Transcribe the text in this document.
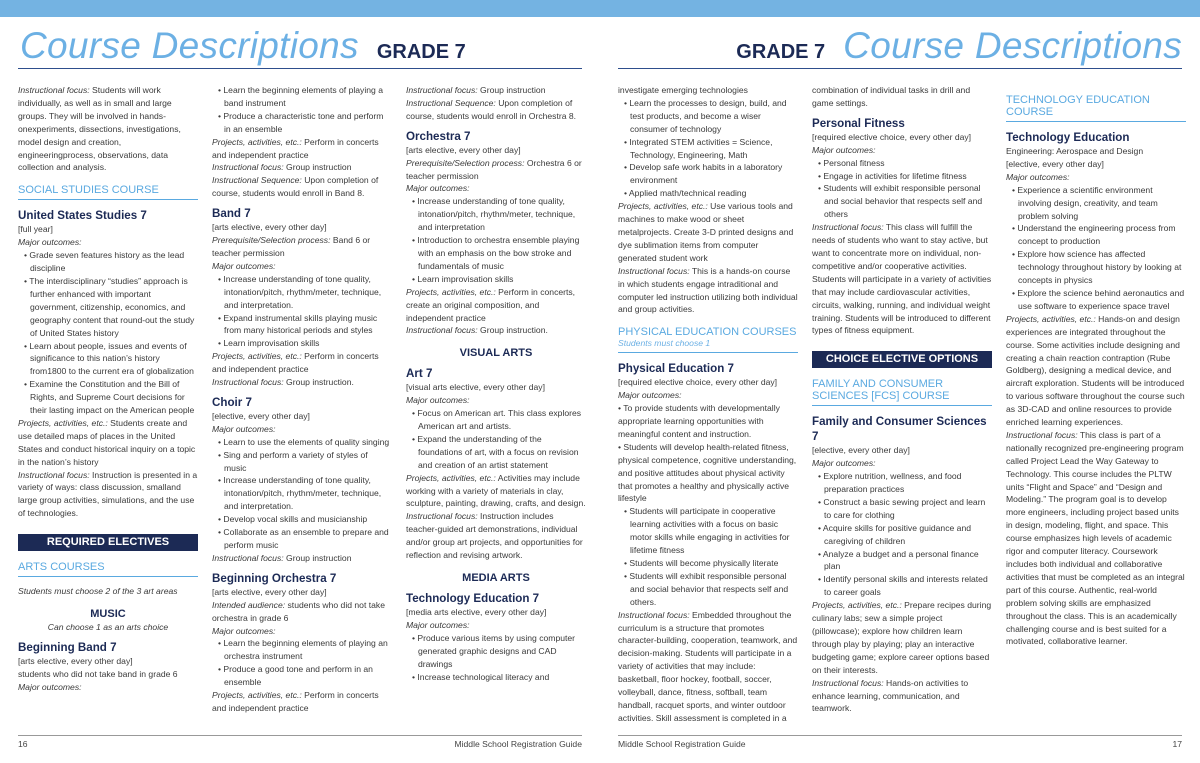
Course Descriptions GRADE 7
Instructional focus: Students will work individually, as well as in small and large groups. They will be involved in hands-onexperiments, dissections, investigations, model design and creation, engineeringprocess, observations, data collection and analysis.
SOCIAL STUDIES COURSE
United States Studies 7
[full year]
Major outcomes:
• Grade seven features history as the lead discipline
• The interdisciplinary “studies” approach is further enhanced with important government, citizenship, economics, and geography content that round-out the study of United States history
• Learn about people, issues and events of significance to this nation’s history from1800 to the current era of globalization
• Examine the Constitution and the Bill of Rights, and Supreme Court decisions for their lasting impact on the American people
Projects, activities, etc.: Students create and use detailed maps of places in the United States and conduct historical inquiry on a topic in the nation’s history
Instructional focus: Instruction is presented in a variety of ways: class discussion, smalland large group activities, simulations, and the use of technologies.
REQUIRED ELECTIVES
ARTS COURSES
Students must choose 2 of the 3 art areas
MUSIC
Can choose 1 as an arts choice
Beginning Band 7
[arts elective, every other day]
students who did not take band in grade 6
Major outcomes:
• Learn the beginning elements of playing a band instrument
• Produce a characteristic tone and perform in an ensemble
Projects, activities, etc.: Perform in concerts and independent practice
Instructional focus: Group instruction
Instructional Sequence: Upon completion of course, students would enroll in Band 8.
Band 7
[arts elective, every other day]
Prerequisite/Selection process: Band 6 or teacher permission
Major outcomes:
• Increase understanding of tone quality, intonation/pitch, rhythm/meter, technique, and interpretation.
• Expand instrumental skills playing music from many historical periods and styles
• Learn improvisation skills
Projects, activities, etc.: Perform in concerts and independent practice
Instructional focus: Group instruction.
Choir 7
[elective, every other day]
Major outcomes:
• Learn to use the elements of quality singing
• Sing and perform a variety of styles of music
• Increase understanding of tone quality, intonation/pitch, rhythm/meter, technique, and interpretation.
• Develop vocal skills and musicianship
• Collaborate as an ensemble to prepare and perform music
Instructional focus: Group instruction
Beginning Orchestra 7
[arts elective, every other day]
Intended audience: students who did not take orchestra in grade 6
Major outcomes:
• Learn the beginning elements of playing an orchestra instrument
• Produce a good tone and perform in an ensemble
Projects, activities, etc.: Perform in concerts and independent practice
Instructional focus: Group instruction
Instructional Sequence: Upon completion of course, students would enroll in Orchestra 8.
Orchestra 7
[arts elective, every other day]
Prerequisite/Selection process: Orchestra 6 or teacher permission
Major outcomes:
• Increase understanding of tone quality, intonation/pitch, rhythm/meter, technique, and interpretation
• Introduction to orchestra ensemble playing with an emphasis on the bow stroke and fundamentals of music
• Learn improvisation skills
Projects, activities, etc.: Perform in concerts, create an original composition, and independent practice
Instructional focus: Group instruction.
VISUAL ARTS
Art 7
[visual arts elective, every other day]
Major outcomes:
• Focus on American art. This class explores American art and artists.
• Expand the understanding of the foundations of art, with a focus on revision and creation of an artist statement
Projects, activities, etc.: Activities may include working with a variety of materials in clay, sculpture, painting, drawing, crafts, and design.
Instructional focus: Instruction includes teacher-guided art demonstrations, individual and/or group art projects, and opportunities for reflection and revising artwork.
MEDIA ARTS
Technology Education 7
[media arts elective, every other day]
Major outcomes:
• Produce various items by using computer generated graphic designs and CAD drawings
• Increase technological literacy and
16	Middle School Registration Guide
GRADE 7 Course Descriptions
investigate emerging technologies
• Learn the processes to design, build, and test products, and become a wiser consumer of technology
• Integrated STEM activities = Science, Technology, Engineering, Math
• Develop safe work habits in a laboratory environment
• Applied math/technical reading
Projects, activities, etc.: Use various tools and machines to make wood or sheet metalprojects. Create 3-D printed designs and dye sublimation items from computer generated student work
Instructional focus: This is a hands-on course in which students engage intraditional and computer led instruction utilizing both individual and group activities.
PHYSICAL EDUCATION COURSES
Students must choose 1
Physical Education 7
[required elective choice, every other day]
Major outcomes:
• To provide students with developmentally appropriate learning opportunities with meaningful content and instruction.
• Students will develop health-related fitness, physical competence, cognitive understanding, and positive attitudes about physical activity that promotes a healthy and physically active lifestyle
• Students will participate in cooperative learning activities with a focus on basic motor skills while engaging in activities for lifetime fitness
• Students will become physically literate
• Students will exhibit responsible personal and social behavior that respects self and others.
Instructional focus: Embedded throughout the curriculum is a structure that promotes character-building, cooperation, teamwork, and decision-making. Students will participate in a variety of activities that may include: basketball, floor hockey, football, soccer, volleyball, dance, fitness, softball, team handball, racquet sports, and winter outdoor activities. Skill assessment is completed in a
combination of individual tasks in drill and game settings.
Personal Fitness
[required elective choice, every other day]
Major outcomes:
• Personal fitness
• Engage in activities for lifetime fitness
• Students will exhibit responsible personal and social behavior that respects self and others
Instructional focus: This class will fulfill the needs of students who want to stay active, but want to concentrate more on individual, non-competitive and/or cooperative activities. Students will participate in a variety of activities that may include cardiovascular activities, circuits, walking, running, and individual weight training. Students will be introduced to different types of fitness equipment.
CHOICE ELECTIVE OPTIONS
FAMILY AND CONSUMER SCIENCES [FCS] COURSE
Family and Consumer Sciences 7
[elective, every other day]
Major outcomes:
• Explore nutrition, wellness, and food preparation practices
• Construct a basic sewing project and learn to care for clothing
• Acquire skills for positive guidance and caregiving of children
• Analyze a budget and a personal finance plan
• Identify personal skills and interests related to career goals
Projects, activities, etc.: Prepare recipes during culinary labs; sew a simple project (pillowcase); explore how children learn through play by playing; play an interactive budgeting game; explore career options based on their interests.
Instructional focus: Hands-on activities to enhance learning, communication, and teamwork.
TECHNOLOGY EDUCATION COURSE
Technology Education
Engineering: Aerospace and Design
[elective, every other day]
Major outcomes:
• Experience a scientific environment involving design, creativity, and team problem solving
• Understand the engineering process from concept to production
• Explore how science has affected technology throughout history by looking at concepts in physics
• Explore the science behind aeronautics and use software to experience space travel
Projects, activities, etc.: Hands-on and design experiences are integrated throughout the course. Some activities include designing and creating a chain reaction contraption (Rube Goldberg), designing a medical device, and aircraft exploration. Students will be introduced to various software throughout the course such as 3D-CAD and online resources to provide enriched learning experiences.
Instructional focus: This class is part of a nationally recognized pre-engineering program called Project Lead the Way Gateway to Technology. This course includes the PLTW units “Flight and Space” and “Design and Modeling.” The program goal is to develop more engineers, including project based units in design, modeling, flight, and space. This course emphasizes high levels of academic rigor and computer literacy. Coursework includes both individual and collaborative activities that must be completed as an integral part of this course. Authentic, real-world problem solving skills are emphasized throughout the class. This is an academically challenging course and is best suited for a motivated, collaborative learner.
Middle School Registration Guide	17
